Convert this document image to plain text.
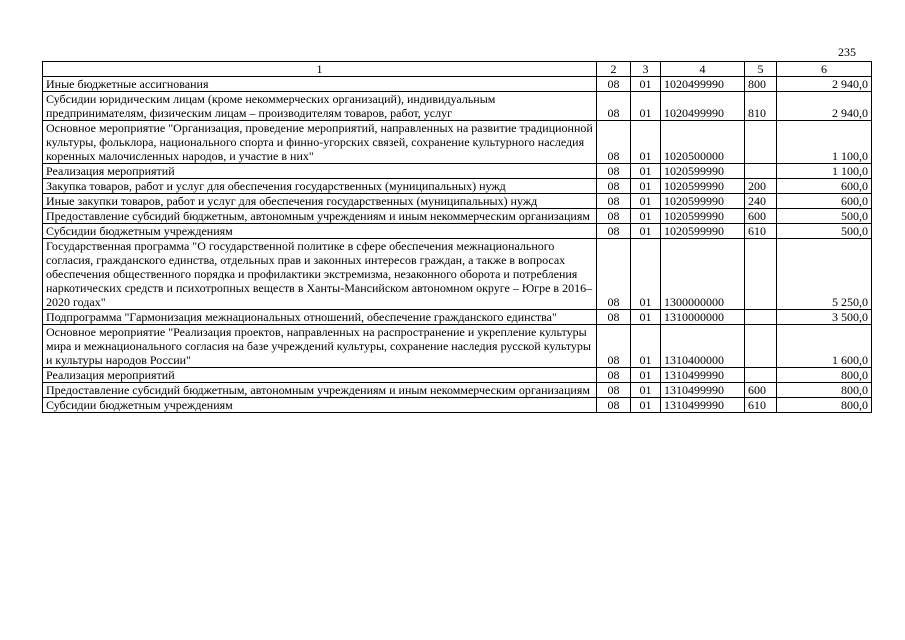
235
1	2	3	4	5	6
Иные бюджетные ассигнования	08	01	1020499990	800	2 940,0
Субсидии юридическим лицам (кроме некоммерческих организаций), индивидуальным предпринимателям, физическим лицам – производителям товаров, работ, услуг	08	01	1020499990	810	2 940,0
Основное мероприятие "Организация, проведение мероприятий, направленных на развитие традиционной культуры, фольклора, национального спорта и финно-угорских связей, сохранение культурного наследия коренных малочисленных народов, и участие в них"	08	01	1020500000		1 100,0
Реализация мероприятий	08	01	1020599990		1 100,0
Закупка товаров, работ и услуг для обеспечения государственных (муниципальных) нужд	08	01	1020599990	200	600,0
Иные закупки товаров, работ и услуг для обеспечения государственных (муниципальных) нужд	08	01	1020599990	240	600,0
Предоставление субсидий бюджетным, автономным учреждениям и иным некоммерческим организациям	08	01	1020599990	600	500,0
Субсидии бюджетным учреждениям	08	01	1020599990	610	500,0
Государственная программа "О государственной политике в сфере обеспечения межнационального согласия, гражданского единства, отдельных прав и законных интересов граждан, а также в вопросах обеспечения общественного порядка и профилактики экстремизма, незаконного оборота и потребления наркотических средств и психотропных веществ в Ханты-Мансийском автономном округе – Югре в 2016–2020 годах"	08	01	1300000000		5 250,0
Подпрограмма "Гармонизация межнациональных отношений, обеспечение гражданского единства"	08	01	1310000000		3 500,0
Основное мероприятие "Реализация проектов, направленных на распространение и укрепление культуры мира и межнационального согласия на базе учреждений культуры, сохранение наследия русской культуры и культуры народов России"	08	01	1310400000		1 600,0
Реализация мероприятий	08	01	1310499990		800,0
Предоставление субсидий бюджетным, автономным учреждениям и иным некоммерческим организациям	08	01	1310499990	600	800,0
Субсидии бюджетным учреждениям	08	01	1310499990	610	800,0
